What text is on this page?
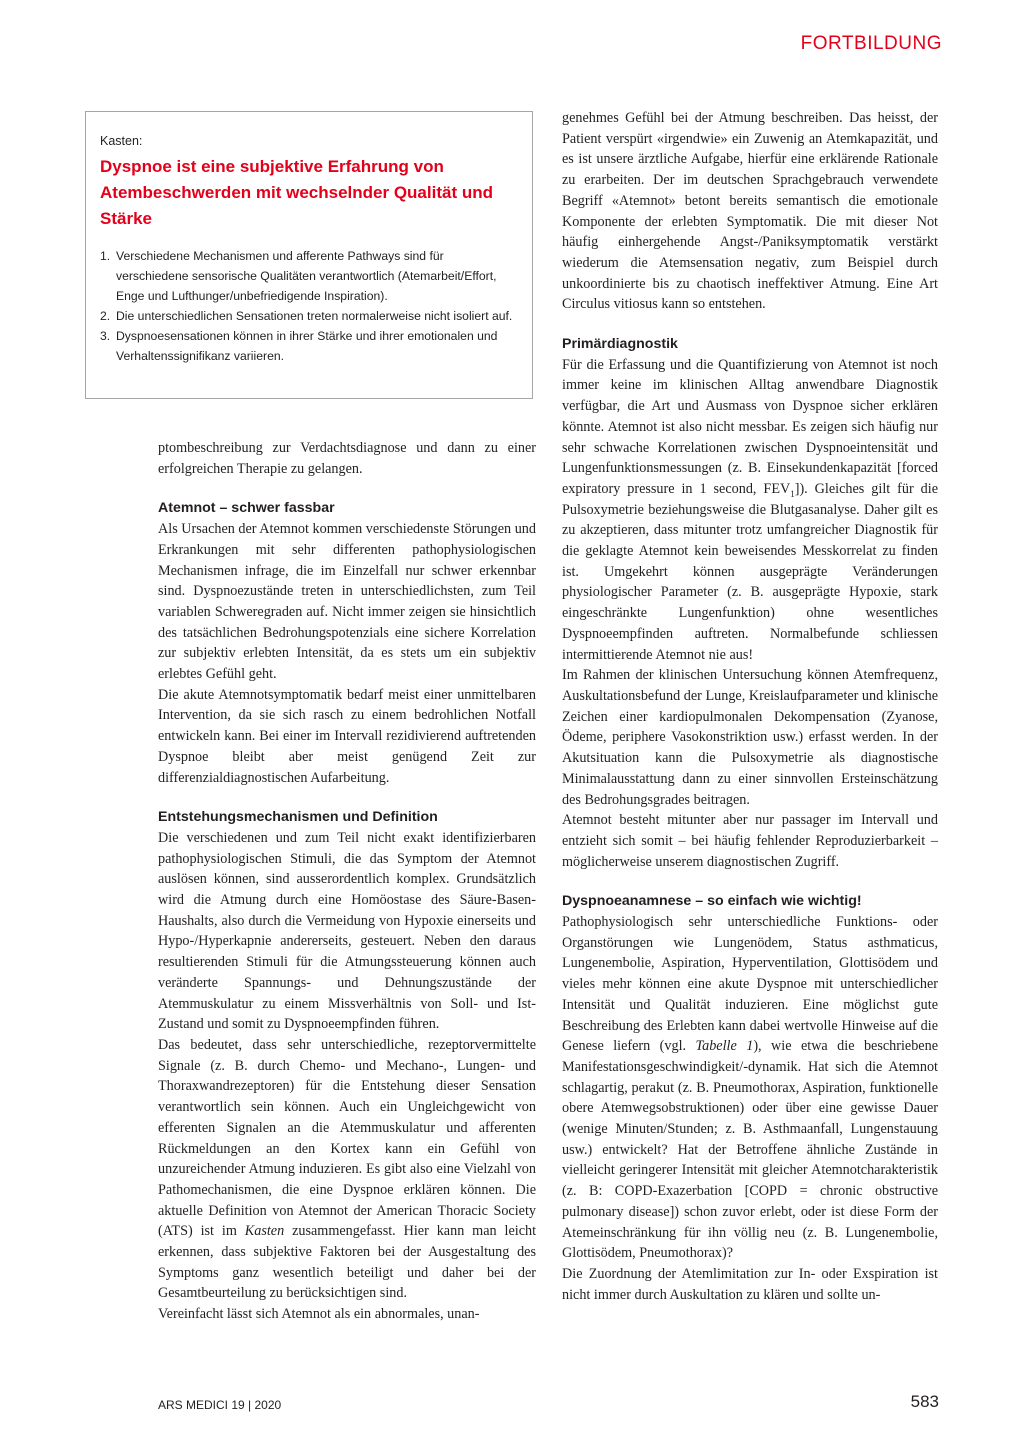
FORTBILDUNG
Kasten:
Dyspnoe ist eine subjektive Erfahrung von Atembeschwerden mit wechselnder Qualität und Stärke
1. Verschiedene Mechanismen und afferente Pathways sind für verschiedene sensorische Qualitäten verantwortlich (Atemarbeit/Effort, Enge und Lufthunger/unbefriedigende Inspiration).
2. Die unterschiedlichen Sensationen treten normalerweise nicht isoliert auf.
3. Dyspnoesensationen können in ihrer Stärke und ihrer emotionalen und Verhaltenssignifikanz variieren.

ptombeschreibung zur Verdachtsdiagnose und dann zu einer erfolgreichen Therapie zu gelangen.

Atemnot – schwer fassbar

Als Ursachen der Atemnot kommen verschiedenste Störungen und Erkrankungen mit sehr differenten pathophysiologischen Mechanismen infrage, die im Einzelfall nur schwer erkennbar sind. Dyspnoezustände treten in unterschiedlichsten, zum Teil variablen Schweregraden auf. Nicht immer zeigen sie hinsichtlich des tatsächlichen Bedrohungspotenzials eine sichere Korrelation zur subjektiv erlebten Intensität, da es stets um ein subjektiv erlebtes Gefühl geht.

Die akute Atemnotsymptomatik bedarf meist einer unmittelbaren Intervention, da sie sich rasch zu einem bedrohlichen Notfall entwickeln kann. Bei einer im Intervall rezidivierend auftretenden Dyspnoe bleibt aber meist genügend Zeit zur differenzialdiagnostischen Aufarbeitung.

Entstehungsmechanismen und Definition

Die verschiedenen und zum Teil nicht exakt identifizierbaren pathophysiologischen Stimuli, die das Symptom der Atemnot auslösen können, sind ausserordentlich komplex. Grundsätzlich wird die Atmung durch eine Homöostase des Säure-Basen-Haushalts, also durch die Vermeidung von Hypoxie einerseits und Hypo-/Hyperkapnie andererseits, gesteuert. Neben den daraus resultierenden Stimuli für die Atmungssteuerung können auch veränderte Spannungs- und Dehnungszustände der Atemmuskulatur zu einem Missverhältnis von Soll- und Ist-Zustand und somit zu Dyspnoeempfinden führen.

Das bedeutet, dass sehr unterschiedliche, rezeptorvermittelte Signale (z. B. durch Chemo- und Mechano-, Lungen- und Thoraxwandrezeptoren) für die Entstehung dieser Sensation verantwortlich sein können. Auch ein Ungleichgewicht von efferenten Signalen an die Atemmuskulatur und afferenten Rückmeldungen an den Kortex kann ein Gefühl von unzureichender Atmung induzieren. Es gibt also eine Vielzahl von Pathomechanismen, die eine Dyspnoe erklären können. Die aktuelle Definition von Atemnot der American Thoracic Society (ATS) ist im Kasten zusammengefasst. Hier kann man leicht erkennen, dass subjektive Faktoren bei der Ausgestaltung des Symptoms ganz wesentlich beteiligt und daher bei der Gesamtbeurteilung zu berücksichtigen sind.

Vereinfacht lässt sich Atemnot als ein abnormales, unan-

genehmes Gefühl bei der Atmung beschreiben. Das heisst, der Patient verspürt «irgendwie» ein Zuwenig an Atemkapazität, und es ist unsere ärztliche Aufgabe, hierfür eine erklärende Rationale zu erarbeiten. Der im deutschen Sprachgebrauch verwendete Begriff «Atemnot» betont bereits semantisch die emotionale Komponente der erlebten Symptomatik. Die mit dieser Not häufig einhergehende Angst-/Paniksymptomatik verstärkt wiederum die Atemsensation negativ, zum Beispiel durch unkoordinierte bis zu chaotisch ineffektiver Atmung. Eine Art Circulus vitiosus kann so entstehen.

Primärdiagnostik

Für die Erfassung und die Quantifizierung von Atemnot ist noch immer keine im klinischen Alltag anwendbare Diagnostik verfügbar, die Art und Ausmass von Dyspnoe sicher erklären könnte. Atemnot ist also nicht messbar. Es zeigen sich häufig nur sehr schwache Korrelationen zwischen Dyspnoeintensität und Lungenfunktionsmessungen (z. B. Einsekundenkapazität [forced expiratory pressure in 1 second, $FEV_1$]). Gleiches gilt für die Pulsoxymetrie beziehungsweise die Blutgasanalyse. Daher gilt es zu akzeptieren, dass mitunter trotz umfangreicher Diagnostik für die geklagte Atemnot kein beweisendes Messkorrelat zu finden ist. Umgekehrt können ausgeprägte Veränderungen physiologischer Parameter (z. B. ausgeprägte Hypoxie, stark eingeschränkte Lungenfunktion) ohne wesentliches Dyspnoeempfinden auftreten. Normalbefunde schliessen intermittierende Atemnot nie aus!

Im Rahmen der klinischen Untersuchung können Atemfrequenz, Auskultationsbefund der Lunge, Kreislaufparameter und klinische Zeichen einer kardiopulmonalen Dekompensation (Zyanose, Ödeme, periphere Vasokonstriktion usw.) erfasst werden. In der Akutsituation kann die Pulsoxymetrie als diagnostische Minimalausstattung dann zu einer sinnvollen Ersteinschätzung des Bedrohungsgrades beitragen.

Atemnot besteht mitunter aber nur passager im Intervall und entzieht sich somit – bei häufig fehlender Reproduzierbarkeit – möglicherweise unserem diagnostischen Zugriff.

Dyspnoeanamnese – so einfach wie wichtig!

Pathophysiologisch sehr unterschiedliche Funktions- oder Organstörungen wie Lungenödem, Status asthmaticus, Lungenembolie, Aspiration, Hyperventilation, Glottisödem und vieles mehr können eine akute Dyspnoe mit unterschiedlicher Intensität und Qualität induzieren. Eine möglichst gute Beschreibung des Erlebten kann dabei wertvolle Hinweise auf die Genese liefern (vgl. Tabelle 1), wie etwa die beschriebene Manifestationsgeschwindigkeit/-dynamik. Hat sich die Atemnot schlagartig, perakut (z. B. Pneumothorax, Aspiration, funktionelle obere Atemwegsobstruktionen) oder über eine gewisse Dauer (wenige Minuten/Stunden; z. B. Asthmaanfall, Lungenstauung usw.) entwickelt? Hat der Betroffene ähnliche Zustände in vielleicht geringerer Intensität mit gleicher Atemnotcharakteristik (z. B: COPD-Exazerbation [COPD = chronic obstructive pulmonary disease]) schon zuvor erlebt, oder ist diese Form der Atemeinschränkung für ihn völlig neu (z. B. Lungenembolie, Glottisödem, Pneumothorax)?

Die Zuordnung der Atemlimitation zur In- oder Exspiration ist nicht immer durch Auskultation zu klären und sollte un-

ARS MEDICI 19 | 2020	583
